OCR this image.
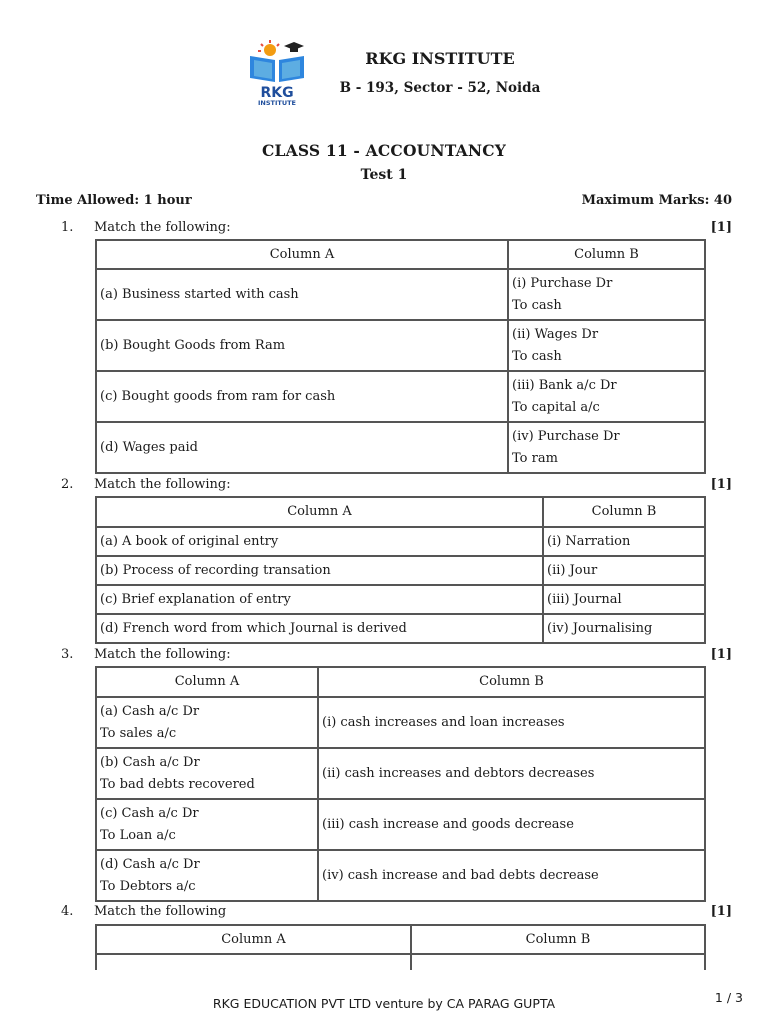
RKG
INSTITUTE
RKG INSTITUTE
B - 193, Sector - 52, Noida
CLASS 11 - ACCOUNTANCY
Test 1
Time Allowed: 1 hour	Maximum Marks: 40
1. Match the following:	[1]
Column A	Column B
(a) Business started with cash	(i) Purchase Dr
To cash

(b) Bought Goods from Ram	(ii) Wages Dr
To cash

(c) Bought goods from ram for cash	(iii) Bank a/c Dr
To capital a/c

(d) Wages paid	(iv) Purchase Dr
To ram
2. Match the following:	[1]
Column A	Column B
(a) A book of original entry	(i) Narration
(b) Process of recording transation	(ii) Jour
(c) Brief explanation of entry	(iii) Journal
(d) French word from which Journal is derived	(iv) Journalising
3. Match the following:	[1]
Column A	Column B

(a) Cash a/c Dr
To sales a/c	(i) cash increases and loan increases

(b) Cash a/c Dr
To bad debts recovered	(ii) cash increases and debtors decreases

(c) Cash a/c Dr
To Loan a/c	(iii) cash increase and goods decrease

(d) Cash a/c Dr
To Debtors a/c	(iv) cash increase and bad debts decrease
4. Match the following	[1]
Column A	Column B

RKG EDUCATION PVT LTD venture by CA PARAG GUPTA	1 / 3
